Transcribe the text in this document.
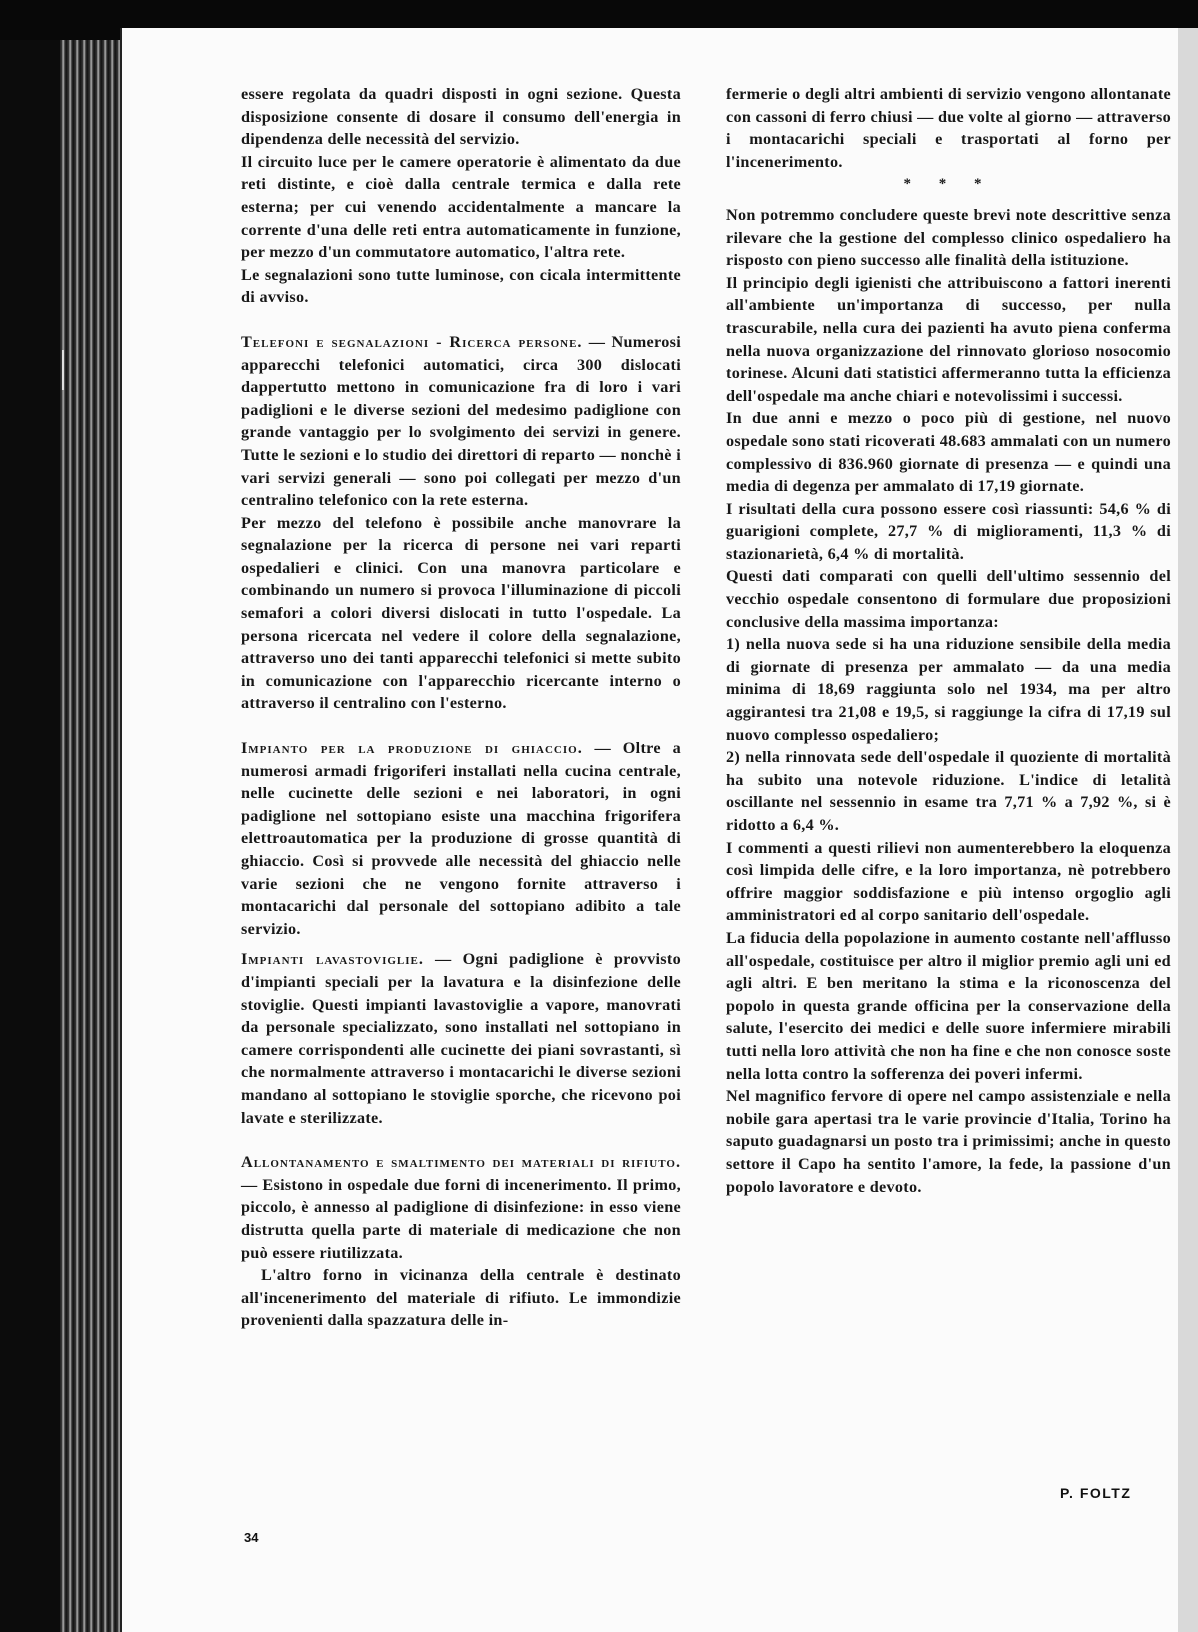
essere regolata da quadri disposti in ogni sezione. Questa disposizione consente di dosare il consumo dell'energia in dipendenza delle necessità del servizio.

Il circuito luce per le camere operatorie è alimentato da due reti distinte, e cioè dalla centrale termica e dalla rete esterna; per cui venendo accidentalmente a mancare la corrente d'una delle reti entra automaticamente in funzione, per mezzo d'un commutatore automatico, l'altra rete.

Le segnalazioni sono tutte luminose, con cicala intermittente di avviso.

Telefoni e segnalazioni - Ricerca persone. — Numerosi apparecchi telefonici automatici, circa 300 dislocati dappertutto mettono in comunicazione fra di loro i vari padiglioni e le diverse sezioni del medesimo padiglione con grande vantaggio per lo svolgimento dei servizi in genere. Tutte le sezioni e lo studio dei direttori di reparto — nonchè i vari servizi generali — sono poi collegati per mezzo d'un centralino telefonico con la rete esterna.

Per mezzo del telefono è possibile anche manovrare la segnalazione per la ricerca di persone nei vari reparti ospedalieri e clinici. Con una manovra particolare e combinando un numero si provoca l'illuminazione di piccoli semafori a colori diversi dislocati in tutto l'ospedale. La persona ricercata nel vedere il colore della segnalazione, attraverso uno dei tanti apparecchi telefonici si mette subito in comunicazione con l'apparecchio ricercante interno o attraverso il centralino con l'esterno.

Impianto per la produzione di ghiaccio. — Oltre a numerosi armadi frigoriferi installati nella cucina centrale, nelle cucinette delle sezioni e nei laboratori, in ogni padiglione nel sottopiano esiste una macchina frigorifera elettroautomatica per la produzione di grosse quantità di ghiaccio. Così si provvede alle necessità del ghiaccio nelle varie sezioni che ne vengono fornite attraverso i montacarichi dal personale del sottopiano adibito a tale servizio.

Impianti lavastoviglie. — Ogni padiglione è provvisto d'impianti speciali per la lavatura e la disinfezione delle stoviglie. Questi impianti lavastoviglie a vapore, manovrati da personale specializzato, sono installati nel sottopiano in camere corrispondenti alle cucinette dei piani sovrastanti, sì che normalmente attraverso i montacarichi le diverse sezioni mandano al sottopiano le stoviglie sporche, che ricevono poi lavate e sterilizzate.

Allontanamento e smaltimento dei materiali di rifiuto. — Esistono in ospedale due forni di incenerimento. Il primo, piccolo, è annesso al padiglione di disinfezione: in esso viene distrutta quella parte di materiale di medicazione che non può essere riutilizzata.

L'altro forno in vicinanza della centrale è destinato all'incenerimento del materiale di rifiuto. Le immondizie provenienti dalla spazzatura delle in-

fermerie o degli altri ambienti di servizio vengono allontanate con cassoni di ferro chiusi — due volte al giorno — attraverso i montacarichi speciali e trasportati al forno per l'incenerimento.

* * *

Non potremmo concludere queste brevi note descrittive senza rilevare che la gestione del complesso clinico ospedaliero ha risposto con pieno successo alle finalità della istituzione.

Il principio degli igienisti che attribuiscono a fattori inerenti all'ambiente un'importanza di successo, per nulla trascurabile, nella cura dei pazienti ha avuto piena conferma nella nuova organizzazione del rinnovato glorioso nosocomio torinese. Alcuni dati statistici affermeranno tutta la efficienza dell'ospedale ma anche chiari e notevolissimi i successi.

In due anni e mezzo o poco più di gestione, nel nuovo ospedale sono stati ricoverati 48.683 ammalati con un numero complessivo di 836.960 giornate di presenza — e quindi una media di degenza per ammalato di 17,19 giornate.

I risultati della cura possono essere così riassunti: 54,6 % di guarigioni complete, 27,7 % di miglioramenti, 11,3 % di stazionarietà, 6,4 % di mortalità.

Questi dati comparati con quelli dell'ultimo sessennio del vecchio ospedale consentono di formulare due proposizioni conclusive della massima importanza:

1) nella nuova sede si ha una riduzione sensibile della media di giornate di presenza per ammalato — da una media minima di 18,69 raggiunta solo nel 1934, ma per altro aggirantesi tra 21,08 e 19,5, si raggiunge la cifra di 17,19 sul nuovo complesso ospedaliero;

2) nella rinnovata sede dell'ospedale il quoziente di mortalità ha subito una notevole riduzione. L'indice di letalità oscillante nel sessennio in esame tra 7,71 % a 7,92 %, si è ridotto a 6,4 %.

I commenti a questi rilievi non aumenterebbero la eloquenza così limpida delle cifre, e la loro importanza, nè potrebbero offrire maggior soddisfazione e più intenso orgoglio agli amministratori ed al corpo sanitario dell'ospedale.

La fiducia della popolazione in aumento costante nell'afflusso all'ospedale, costituisce per altro il miglior premio agli uni ed agli altri. E ben meritano la stima e la riconoscenza del popolo in questa grande officina per la conservazione della salute, l'esercito dei medici e delle suore infermiere mirabili tutti nella loro attività che non ha fine e che non conosce soste nella lotta contro la sofferenza dei poveri infermi.

Nel magnifico fervore di opere nel campo assistenziale e nella nobile gara apertasi tra le varie provincie d'Italia, Torino ha saputo guadagnarsi un posto tra i primissimi; anche in questo settore il Capo ha sentito l'amore, la fede, la passione d'un popolo lavoratore e devoto.

P. FOLTZ
34
